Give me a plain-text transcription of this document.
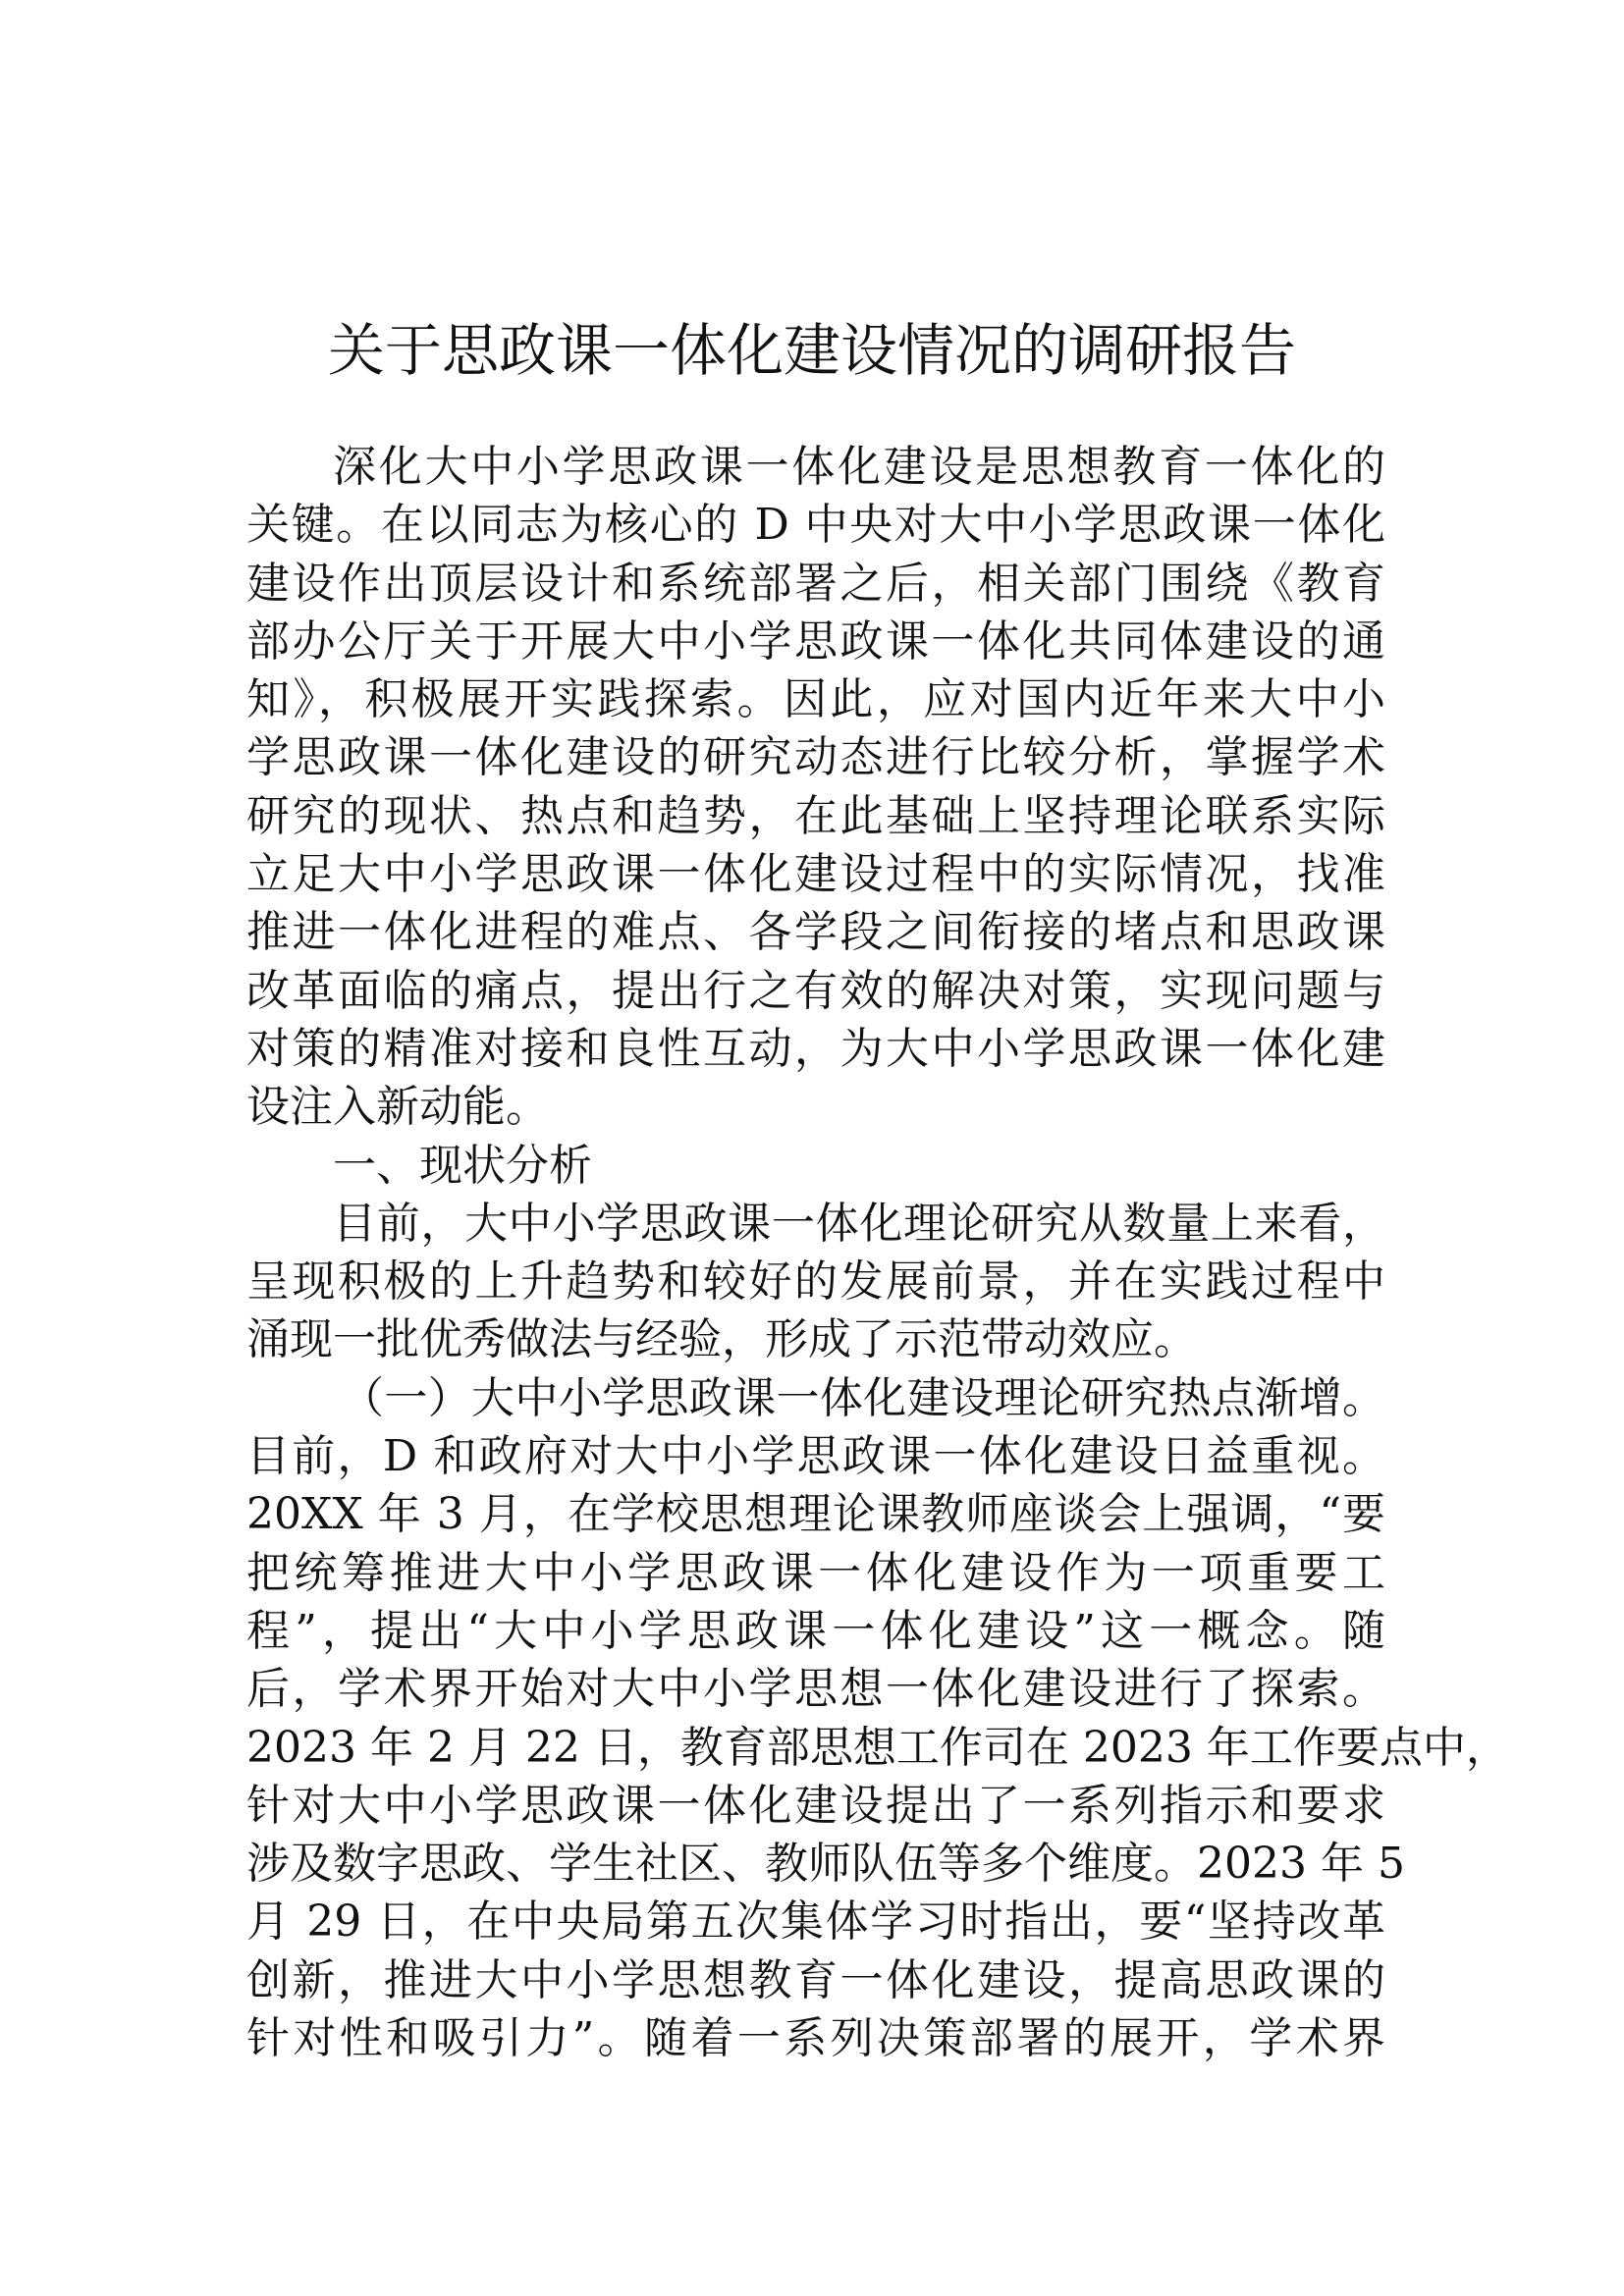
关于思政课一体化建设情况的调研报告
深化大中小学思政课一体化建设是思想教育一体化的
关键。在以同志为核心的 D 中央对大中小学思政课一体化
建设作出顶层设计和系统部署之后，相关部门围绕《教育
部办公厅关于开展大中小学思政课一体化共同体建设的通
知》，积极展开实践探索。因此，应对国内近年来大中小
学思政课一体化建设的研究动态进行比较分析，掌握学术
研究的现状、热点和趋势，在此基础上坚持理论联系实际
立足大中小学思政课一体化建设过程中的实际情况，找准
推进一体化进程的难点、各学段之间衔接的堵点和思政课
改革面临的痛点，提出行之有效的解决对策，实现问题与
对策的精准对接和良性互动，为大中小学思政课一体化建
设注入新动能。
一、现状分析
目前，大中小学思政课一体化理论研究从数量上来看，
呈现积极的上升趋势和较好的发展前景，并在实践过程中
涌现一批优秀做法与经验，形成了示范带动效应。
（一）大中小学思政课一体化建设理论研究热点渐增。
目前，D 和政府对大中小学思政课一体化建设日益重视。
20XX 年 3 月，在学校思想理论课教师座谈会上强调，“要
把统筹推进大中小学思政课一体化建设作为一项重要工
程”，提出“大中小学思政课一体化建设”这一概念。随
后，学术界开始对大中小学思想一体化建设进行了探索。
2023 年 2 月 22 日，教育部思想工作司在 2023 年工作要点中，
针对大中小学思政课一体化建设提出了一系列指示和要求
涉及数字思政、学生社区、教师队伍等多个维度。2023 年 5
月 29 日，在中央局第五次集体学习时指出，要“坚持改革
创新，推进大中小学思想教育一体化建设，提高思政课的
针对性和吸引力”。随着一系列决策部署的展开，学术界
